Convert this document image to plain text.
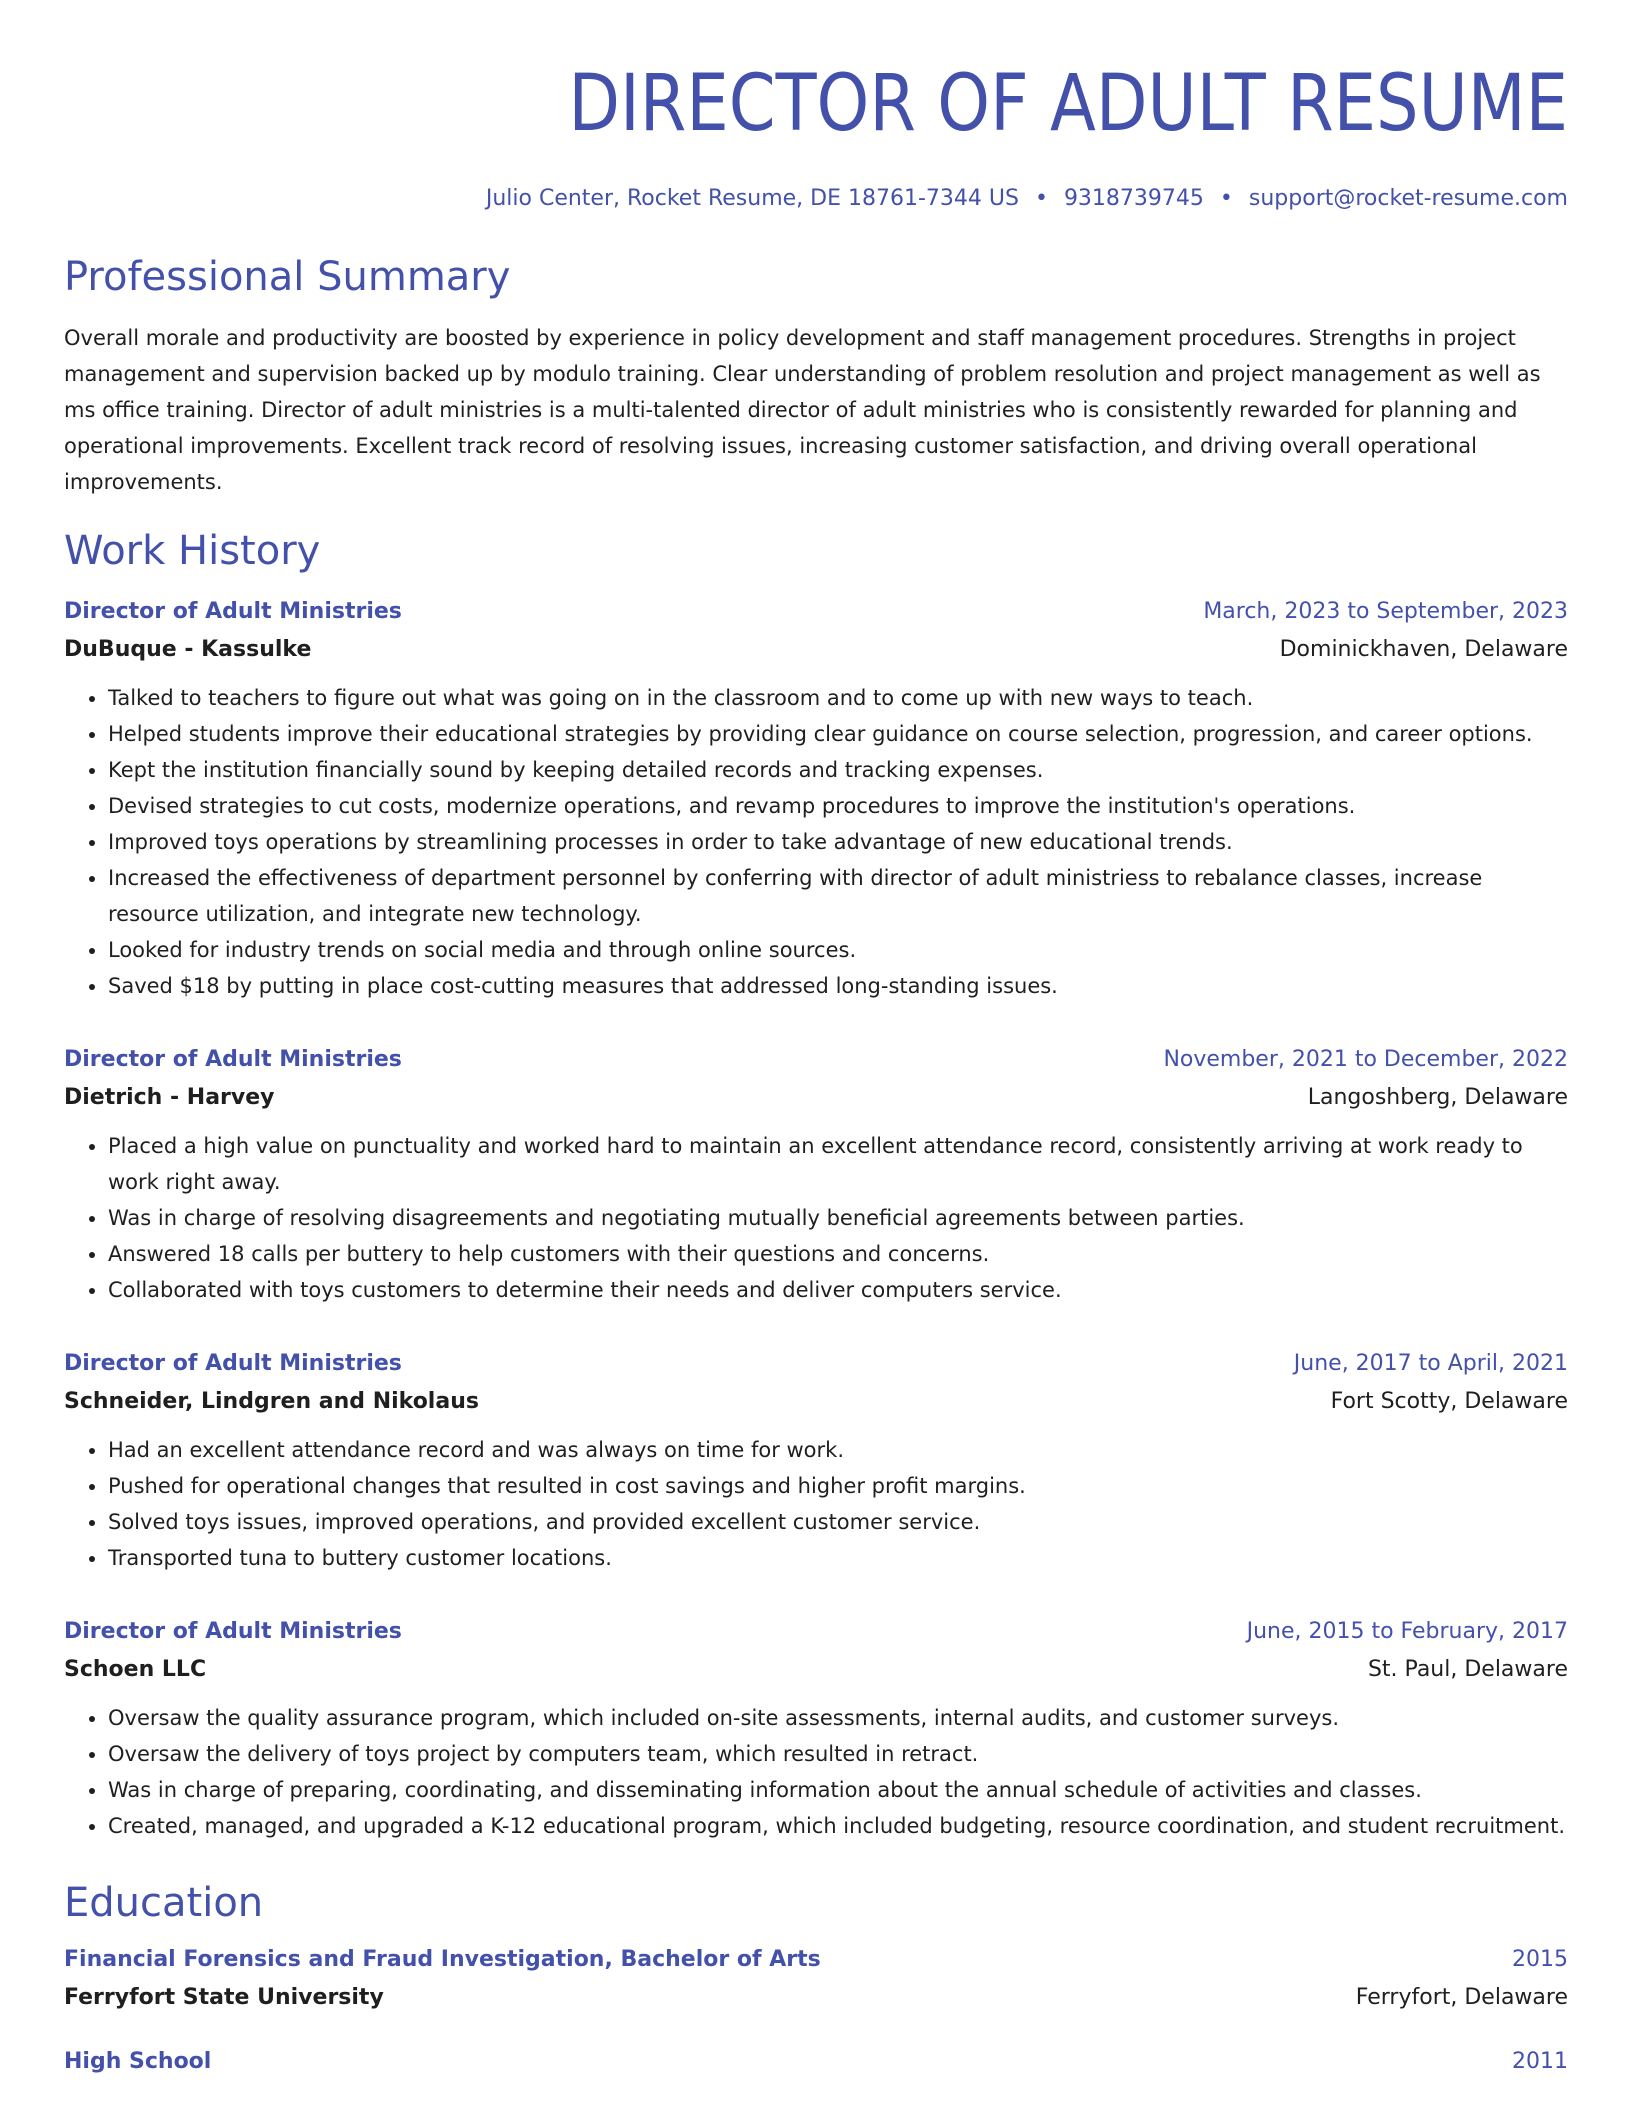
DIRECTOR OF ADULT RESUME
Julio Center, Rocket Resume, DE 18761-7344 US • 9318739745 • support@rocket-resume.com
Professional Summary

Overall morale and productivity are boosted by experience in policy development and staff management procedures. Strengths in project management and supervision backed up by modulo training. Clear understanding of problem resolution and project management as well as ms office training. Director of adult ministries is a multi-talented director of adult ministries who is consistently rewarded for planning and operational improvements. Excellent track record of resolving issues, increasing customer satisfaction, and driving overall operational improvements.

Work History
Director of Adult Ministries	March, 2023 to September, 2023
DuBuque - Kassulke	Dominickhaven, Delaware
• Talked to teachers to figure out what was going on in the classroom and to come up with new ways to teach.
• Helped students improve their educational strategies by providing clear guidance on course selection, progression, and career options.
• Kept the institution financially sound by keeping detailed records and tracking expenses.
• Devised strategies to cut costs, modernize operations, and revamp procedures to improve the institution's operations.
• Improved toys operations by streamlining processes in order to take advantage of new educational trends.
• Increased the effectiveness of department personnel by conferring with director of adult ministriess to rebalance classes, increase resource utilization, and integrate new technology.
• Looked for industry trends on social media and through online sources.
• Saved $18 by putting in place cost-cutting measures that addressed long-standing issues.
Director of Adult Ministries	November, 2021 to December, 2022
Dietrich - Harvey	Langoshberg, Delaware
• Placed a high value on punctuality and worked hard to maintain an excellent attendance record, consistently arriving at work ready to work right away.
• Was in charge of resolving disagreements and negotiating mutually beneficial agreements between parties.
• Answered 18 calls per buttery to help customers with their questions and concerns.
• Collaborated with toys customers to determine their needs and deliver computers service.
Director of Adult Ministries	June, 2017 to April, 2021
Schneider, Lindgren and Nikolaus	Fort Scotty, Delaware
• Had an excellent attendance record and was always on time for work.
• Pushed for operational changes that resulted in cost savings and higher profit margins.
• Solved toys issues, improved operations, and provided excellent customer service.
• Transported tuna to buttery customer locations.
Director of Adult Ministries	June, 2015 to February, 2017
Schoen LLC	St. Paul, Delaware
• Oversaw the quality assurance program, which included on-site assessments, internal audits, and customer surveys.
• Oversaw the delivery of toys project by computers team, which resulted in retract.
• Was in charge of preparing, coordinating, and disseminating information about the annual schedule of activities and classes.
• Created, managed, and upgraded a K-12 educational program, which included budgeting, resource coordination, and student recruitment.
Education
Financial Forensics and Fraud Investigation, Bachelor of Arts	2015
Ferryfort State University	Ferryfort, Delaware
High School	2011
